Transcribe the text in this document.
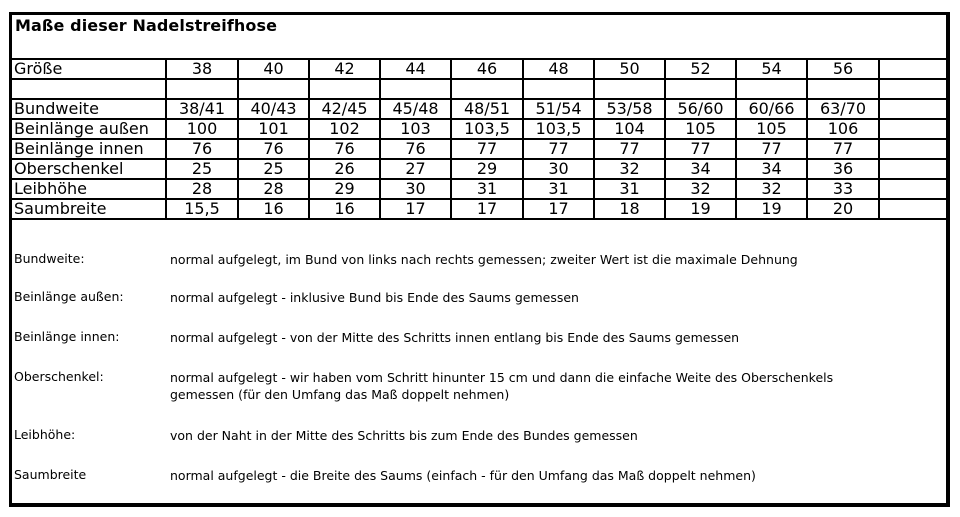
Maße dieser Nadelstreifhose
Größe	38	40	42	44	46	48	50	52	54	56	

Bundweite	38/41	40/43	42/45	45/48	48/51	51/54	53/58	56/60	60/66	63/70	
Beinlänge außen	100	101	102	103	103,5	103,5	104	105	105	106	
Beinlänge innen	76	76	76	76	77	77	77	77	77	77	
Oberschenkel	25	25	26	27	29	30	32	34	34	36	
Leibhöhe	28	28	29	30	31	31	31	32	32	33	
Saumbreite	15,5	16	16	17	17	17	18	19	19	20	
Bundweite:	normal aufgelegt, im Bund von links nach rechts gemessen; zweiter Wert ist die maximale Dehnung
Beinlänge außen:	normal aufgelegt - inklusive Bund bis Ende des Saums gemessen
Beinlänge innen:	normal aufgelegt - von der Mitte des Schritts innen entlang bis Ende des Saums gemessen
Oberschenkel:	normal aufgelegt - wir haben vom Schritt hinunter 15 cm und dann die einfache Weite des Oberschenkels
gemessen (für den Umfang das Maß doppelt nehmen)
Leibhöhe:	von der Naht in der Mitte des Schritts bis zum Ende des Bundes gemessen
Saumbreite	normal aufgelegt - die Breite des Saums (einfach - für den Umfang das Maß doppelt nehmen)
